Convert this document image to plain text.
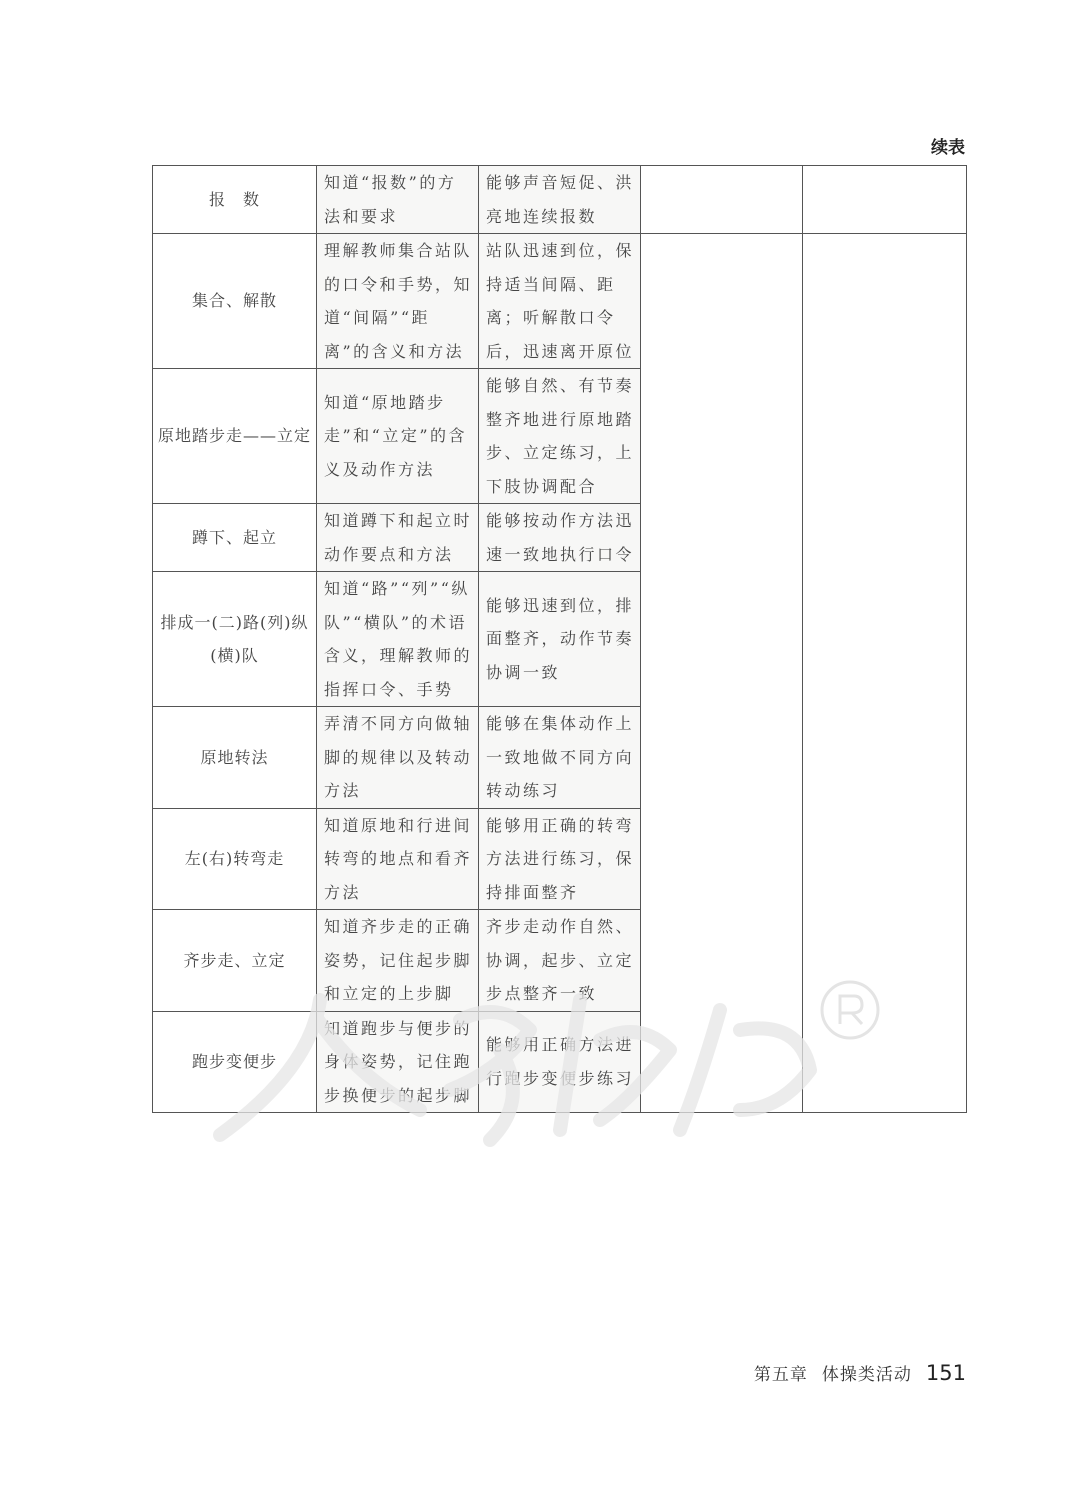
续表
报　数	知道“报数”的方法和要求	能够声音短促、洪亮地连续报数		
集合、解散	理解教师集合站队的口令和手势，知道“间隔”“距离”的含义和方法	站队迅速到位，保持适当间隔、距离；听解散口令后，迅速离开原位		
原地踏步走——立定	知道“原地踏步走”和“立定”的含义及动作方法	能够自然、有节奏整齐地进行原地踏步、立定练习，上下肢协调配合		
蹲下、起立	知道蹲下和起立时动作要点和方法	能够按动作方法迅速一致地执行口令		
排成一(二)路(列)纵(横)队	知道“路”“列”“纵队”“横队”的术语含义，理解教师的指挥口令、手势	能够迅速到位，排面整齐，动作节奏协调一致		
原地转法	弄清不同方向做轴脚的规律以及转动方法	能够在集体动作上一致地做不同方向转动练习		
左(右)转弯走	知道原地和行进间转弯的地点和看齐方法	能够用正确的转弯方法进行练习，保持排面整齐		
齐步走、立定	知道齐步走的正确姿势，记住起步脚和立定的上步脚	齐步走动作自然、协调，起步、立定步点整齐一致		
跑步变便步	知道跑步与便步的身体姿势，记住跑步换便步的起步脚	能够用正确方法进行跑步变便步练习		
第五章 体操类活动 151
